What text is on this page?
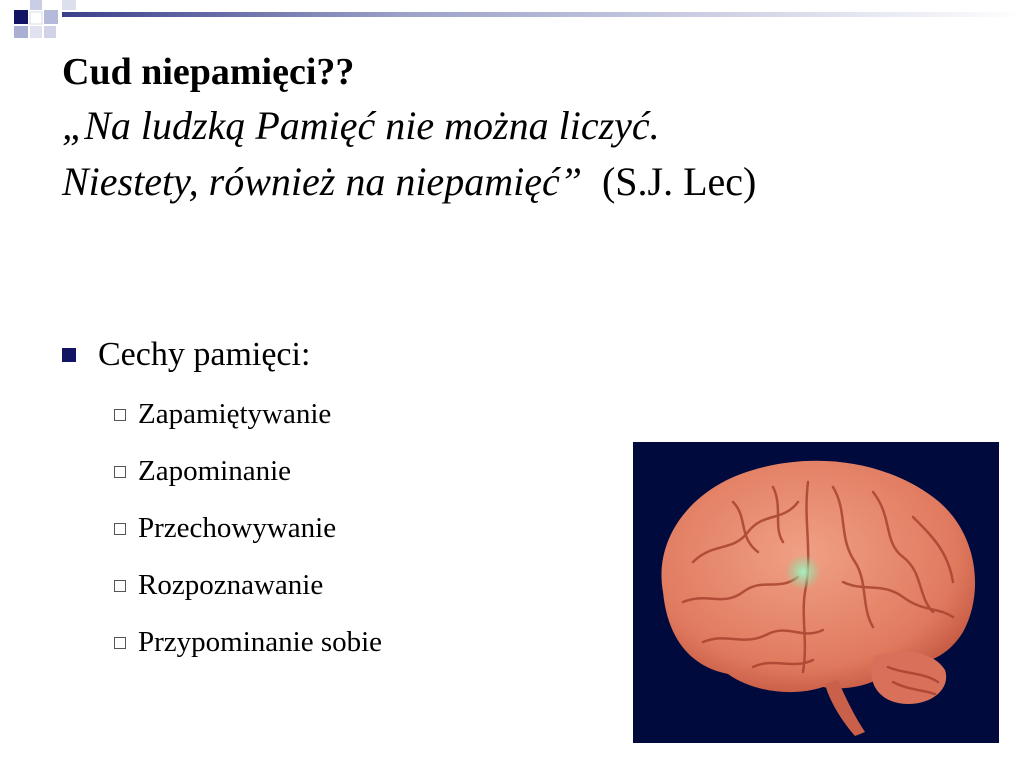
Cud niepamięci??
„Na ludzką Pamięć nie można liczyć.
Niestety, również na niepamięć” (S.J. Lec)
Cechy pamięci:
Zapamiętywanie
Zapominanie
Przechowywanie
Rozpoznawanie
Przypominanie sobie
